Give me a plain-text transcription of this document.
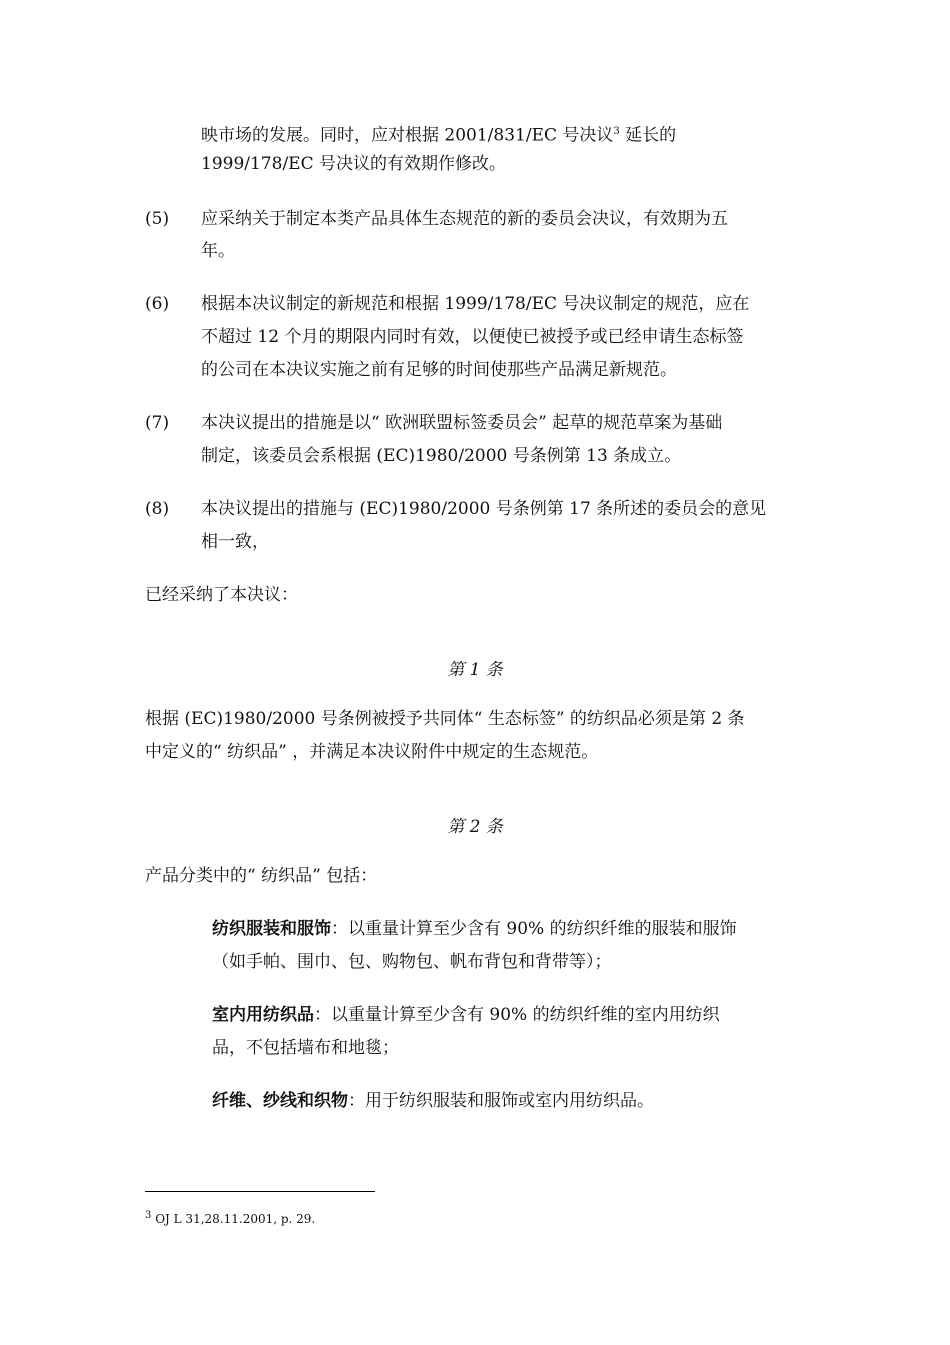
映市场的发展。同时，应对根据 2001/831/EC 号决议$^3$ 延长的
1999/178/EC 号决议的有效期作修改。
(5) 应采纳关于制定本类产品具体生态规范的新的委员会决议，有效期为五
年。
(6) 根据本决议制定的新规范和根据 1999/178/EC 号决议制定的规范，应在
不超过 12 个月的期限内同时有效，以便使已被授予或已经申请生态标签
的公司在本决议实施之前有足够的时间使那些产品满足新规范。
(7) 本决议提出的措施是以“ 欧洲联盟标签委员会” 起草的规范草案为基础
制定，该委员会系根据 (EC)1980/2000 号条例第 13 条成立。
(8) 本决议提出的措施与 (EC)1980/2000 号条例第 17 条所述的委员会的意见
相一致，
已经采纳了本决议：
第 1 条
根据 (EC)1980/2000 号条例被授予共同体“ 生态标签” 的纺织品必须是第 2 条
中定义的“ 纺织品” ，并满足本决议附件中规定的生态规范。
第 2 条
产品分类中的“ 纺织品” 包括：
纺织服装和服饰：以重量计算至少含有 90% 的纺织纤维的服装和服饰
（如手帕、围巾、包、购物包、帆布背包和背带等）；
室内用纺织品：以重量计算至少含有 90% 的纺织纤维的室内用纺织
品，不包括墙布和地毯；
纤维、纱线和织物：用于纺织服装和服饰或室内用纺织品。
$^3$ OJ L 31,28.11.2001, p. 29.
